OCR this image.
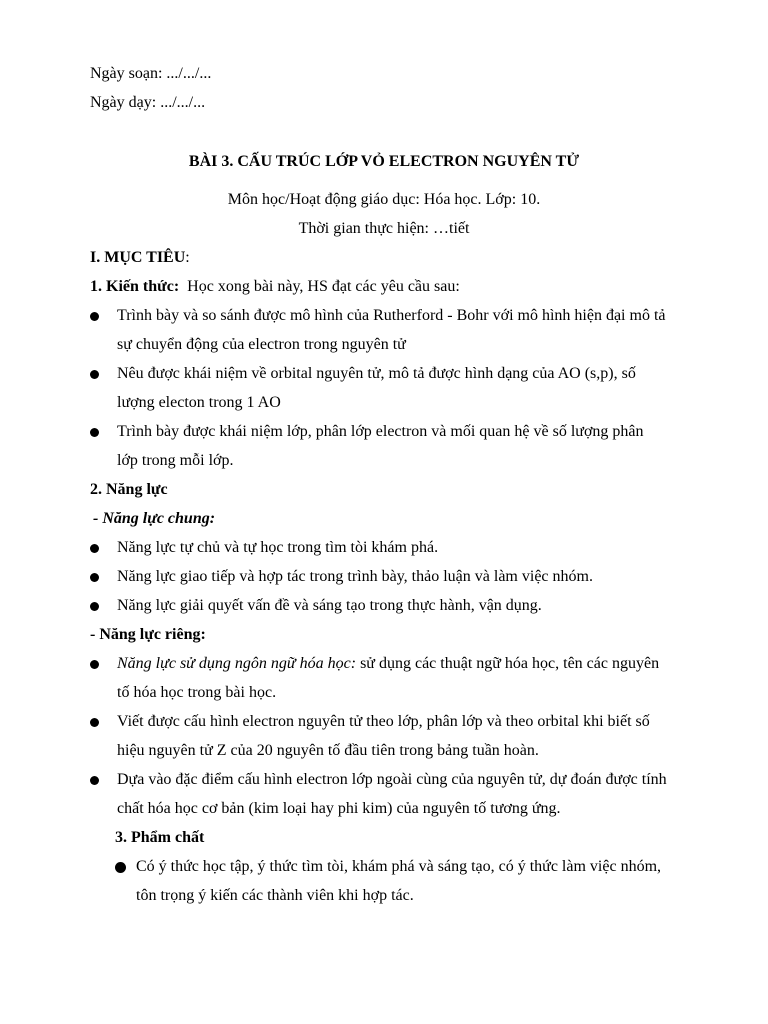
Ngày soạn: .../.../...
Ngày dạy: .../.../...
BÀI 3. CẤU TRÚC LỚP VỎ ELECTRON NGUYÊN TỬ
Môn học/Hoạt động giáo dục: Hóa học. Lớp: 10.
Thời gian thực hiện: …tiết
I. MỤC TIÊU:
1. Kiến thức: Học xong bài này, HS đạt các yêu cầu sau:
Trình bày và so sánh được mô hình của Rutherford - Bohr với mô hình hiện đại mô tả
sự chuyển động của electron trong nguyên tử
Nêu được khái niệm về orbital nguyên tử, mô tả được hình dạng của AO (s,p), số
lượng electon trong 1 AO
Trình bày được khái niệm lớp, phân lớp electron và mối quan hệ về số lượng phân
lớp trong mỗi lớp.
2. Năng lực
- Năng lực chung:
Năng lực tự chủ và tự học trong tìm tòi khám phá.
Năng lực giao tiếp và hợp tác trong trình bày, thảo luận và làm việc nhóm.
Năng lực giải quyết vấn đề và sáng tạo trong thực hành, vận dụng.
- Năng lực riêng:
Năng lực sử dụng ngôn ngữ hóa học: sử dụng các thuật ngữ hóa học, tên các nguyên
tố hóa học trong bài học.
Viết được cấu hình electron nguyên tử theo lớp, phân lớp và theo orbital khi biết số
hiệu nguyên tử Z của 20 nguyên tố đầu tiên trong bảng tuần hoàn.
Dựa vào đặc điểm cấu hình electron lớp ngoài cùng của nguyên tử, dự đoán được tính
chất hóa học cơ bản (kim loại hay phi kim) của nguyên tố tương ứng.
3. Phẩm chất
Có ý thức học tập, ý thức tìm tòi, khám phá và sáng tạo, có ý thức làm việc nhóm,
tôn trọng ý kiến các thành viên khi hợp tác.
